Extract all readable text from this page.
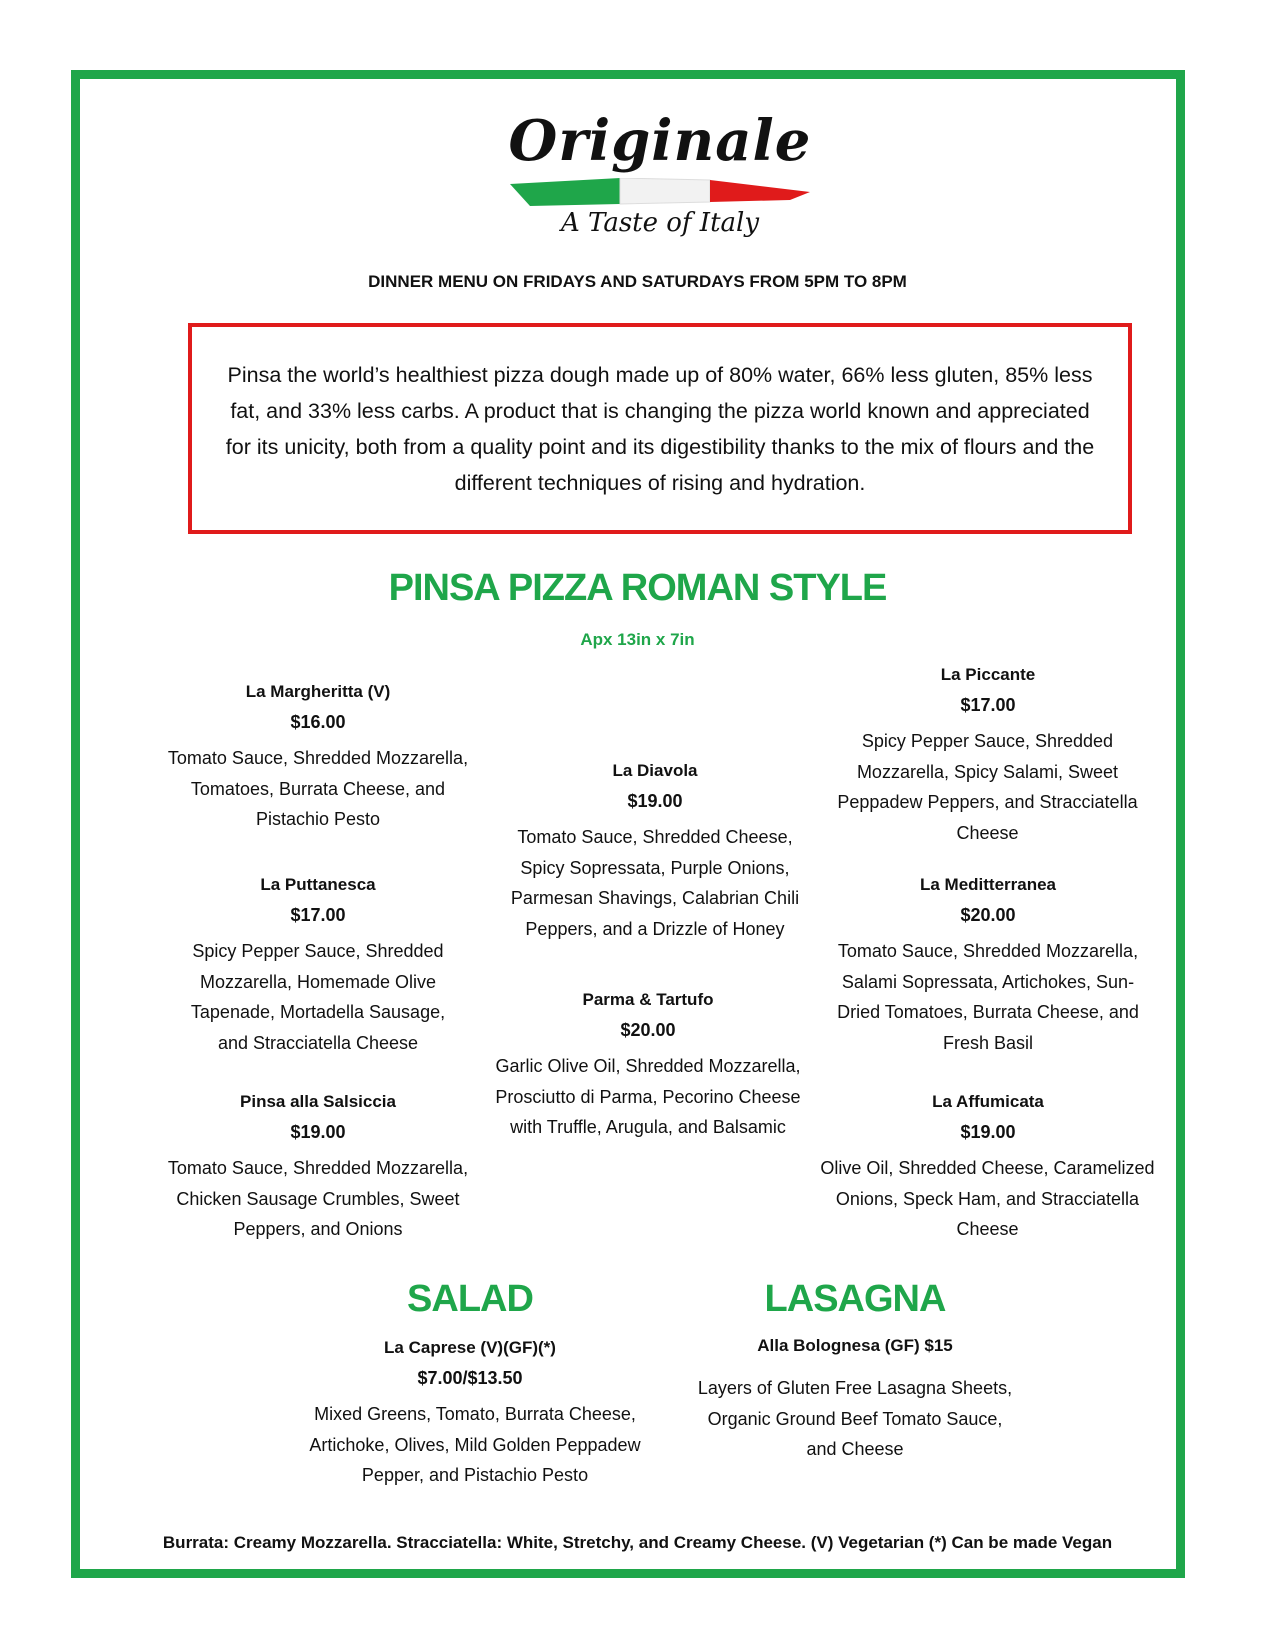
Originale
A Taste of Italy
DINNER MENU ON FRIDAYS AND SATURDAYS FROM 5PM TO 8PM
Pinsa the world’s healthiest pizza dough made up of 80% water, 66% less gluten, 85% less fat, and 33% less carbs. A product that is changing the pizza world known and appreciated for its unicity, both from a quality point and its digestibility thanks to the mix of flours and the different techniques of rising and hydration.
PINSA PIZZA ROMAN STYLE
Apx 13in x 7in
La Margheritta (V)
$16.00
Tomato Sauce, Shredded Mozzarella, Tomatoes, Burrata Cheese, and Pistachio Pesto
La Puttanesca
$17.00
Spicy Pepper Sauce, Shredded Mozzarella, Homemade Olive Tapenade, Mortadella Sausage, and Stracciatella Cheese
Pinsa alla Salsiccia
$19.00
Tomato Sauce, Shredded Mozzarella, Chicken Sausage Crumbles, Sweet Peppers, and Onions
La Diavola
$19.00
Tomato Sauce, Shredded Cheese, Spicy Sopressata, Purple Onions, Parmesan Shavings, Calabrian Chili Peppers, and a Drizzle of Honey
Parma & Tartufo
$20.00
Garlic Olive Oil, Shredded Mozzarella, Prosciutto di Parma, Pecorino Cheese with Truffle, Arugula, and Balsamic
La Piccante
$17.00
Spicy Pepper Sauce, Shredded Mozzarella, Spicy Salami, Sweet Peppadew Peppers, and Stracciatella Cheese
La Meditterranea
$20.00
Tomato Sauce, Shredded Mozzarella, Salami Sopressata, Artichokes, Sun-Dried Tomatoes, Burrata Cheese, and Fresh Basil
La Affumicata
$19.00
Olive Oil, Shredded Cheese, Caramelized Onions, Speck Ham, and Stracciatella Cheese
SALAD
La Caprese (V)(GF)(*)
$7.00/$13.50
Mixed Greens, Tomato, Burrata Cheese, Artichoke, Olives, Mild Golden Peppadew Pepper, and Pistachio Pesto
LASAGNA
Alla Bolognesa (GF) $15
Layers of Gluten Free Lasagna Sheets, Organic Ground Beef Tomato Sauce, and Cheese
Burrata: Creamy Mozzarella. Stracciatella: White, Stretchy, and Creamy Cheese. (V) Vegetarian (*) Can be made Vegan
